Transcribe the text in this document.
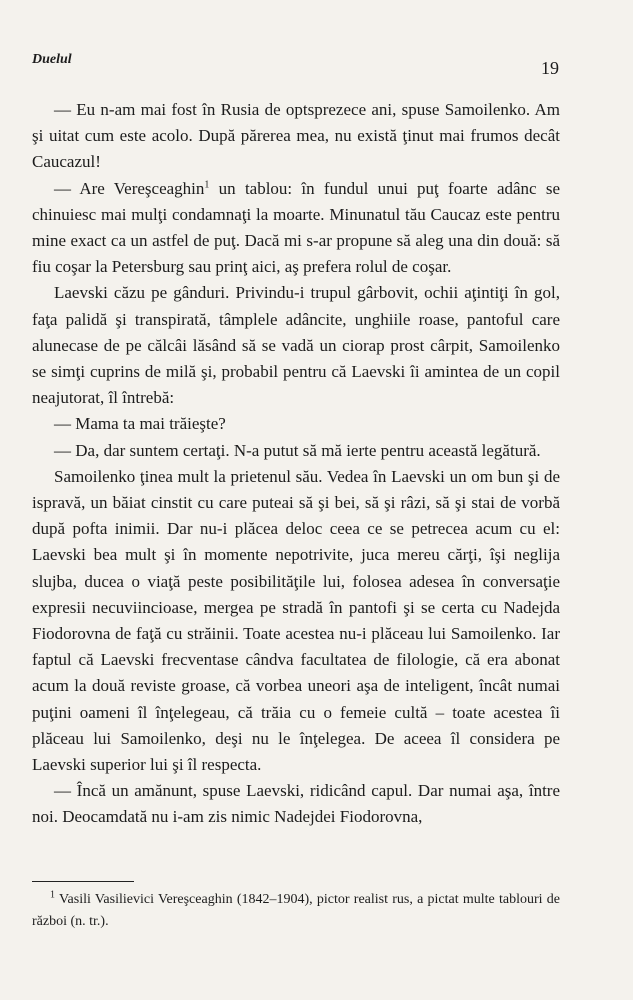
Duelul	19

— Eu n-am mai fost în Rusia de optsprezece ani, spuse Samoilenko. Am şi uitat cum este acolo. După părerea mea, nu există ţinut mai frumos decât Caucazul!

— Are Vereşceaghin$^1$ un tablou: în fundul unui puţ foarte adânc se chinuiesc mai mulţi condamnaţi la moarte. Minunatul tău Caucaz este pentru mine exact ca un astfel de puţ. Dacă mi s-ar propune să aleg una din două: să fiu coşar la Petersburg sau prinţ aici, aş prefera rolul de coşar.

Laevski căzu pe gânduri. Privindu-i trupul gârbovit, ochii aţintiţi în gol, faţa palidă şi transpirată, tâmplele adâncite, unghiile roase, pantoful care alunecase de pe călcâi lăsând să se vadă un ciorap prost cârpit, Samoilenko se simţi cuprins de milă şi, probabil pentru că Laevski îi amintea de un copil neajutorat, îl întrebă:

— Mama ta mai trăieşte?

— Da, dar suntem certaţi. N-a putut să mă ierte pentru această legătură.

Samoilenko ţinea mult la prietenul său. Vedea în Laevski un om bun şi de ispravă, un băiat cinstit cu care puteai să şi bei, să şi râzi, să şi stai de vorbă după pofta inimii. Dar nu-i plăcea deloc ceea ce se petrecea acum cu el: Laevski bea mult şi în momente nepotrivite, juca mereu cărţi, îşi neglija slujba, ducea o viaţă peste posibilităţile lui, folosea adesea în conversaţie expresii necuviincioase, mergea pe stradă în pantofi şi se certa cu Nadejda Fiodorovna de faţă cu străinii. Toate acestea nu-i plăceau lui Samoilenko. Iar faptul că Laevski frecventase cândva facultatea de filologie, că era abonat acum la două reviste groase, că vorbea uneori aşa de inteligent, încât numai puţini oameni îl înţelegeau, că trăia cu o femeie cultă – toate acestea îi plăceau lui Samoilenko, deşi nu le înţelegea. De aceea îl considera pe Laevski superior lui şi îl respecta.

— Încă un amănunt, spuse Laevski, ridicând capul. Dar numai aşa, între noi. Deocamdată nu i-am zis nimic Nadejdei Fiodorovna,

$^1$ Vasili Vasilievici Vereşceaghin (1842–1904), pictor realist rus, a pictat multe tablouri de război (n. tr.).
